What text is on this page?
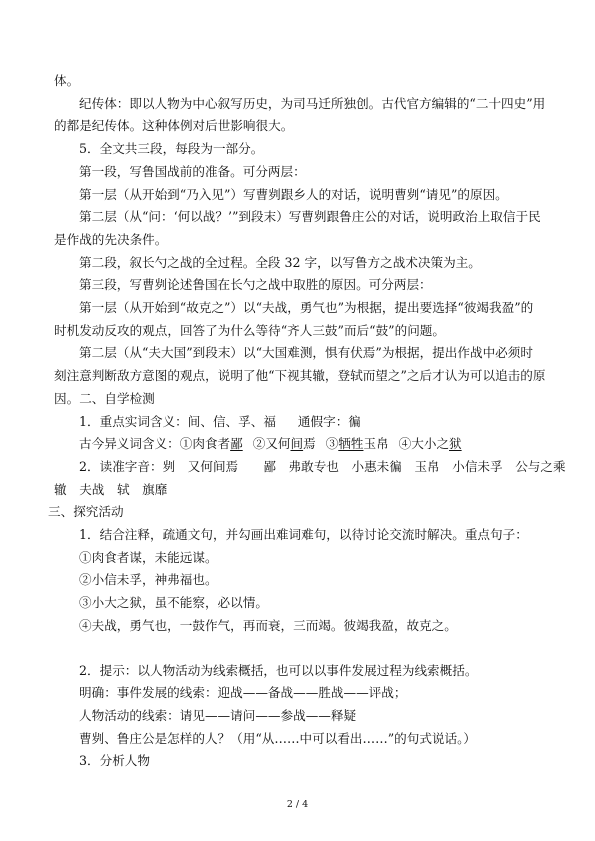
体。
纪传体：即以人物为中心叙写历史，为司马迁所独创。古代官方编辑的“二十四史”用
的都是纪传体。这种体例对后世影响很大。
5．全文共三段，每段为一部分。
第一段，写鲁国战前的准备。可分两层：
第一层（从开始到“乃入见”）写曹刿跟乡人的对话，说明曹刿“请见”的原因。
第二层（从“问：‘何以战？’”到段末）写曹刿跟鲁庄公的对话，说明政治上取信于民
是作战的先决条件。
第二段，叙长勺之战的全过程。全段 32 字，以写鲁方之战术决策为主。
第三段，写曹刿论述鲁国在长勺之战中取胜的原因。可分两层：
第一层（从开始到“故克之”）以“夫战，勇气也”为根据，提出要选择“彼竭我盈”的
时机发动反攻的观点，回答了为什么等待“齐人三鼓”而后“鼓”的问题。
第二层（从“夫大国”到段末）以“大国难测，惧有伏焉”为根据，提出作战中必须时
刻注意判断敌方意图的观点，说明了他“下视其辙，登轼而望之”之后才认为可以追击的原
因。二、自学检测
1．重点实词含义：间、信、孚、福 通假字：徧
古今异义词含义：①肉食者鄙 ②又何间焉 ③牺牲玉帛 ④大小之狱
2．读准字音：刿　又何间焉　　鄙　弗敢专也　小惠未徧　玉帛　小信未孚　公与之乘
辙　夫战　轼　旗靡
三、探究活动
1．结合注释，疏通文句，并勾画出难词难句，以待讨论交流时解决。重点句子：
①肉食者谋，未能远谋。
②小信未孚，神弗福也。
③小大之狱，虽不能察，必以情。
④夫战，勇气也，一鼓作气，再而衰，三而竭。彼竭我盈，故克之。
2．提示：以人物活动为线索概括，也可以以事件发展过程为线索概括。
明确：事件发展的线索：迎战——备战——胜战——评战；
人物活动的线索：请见——请问——参战——释疑
曹刿、鲁庄公是怎样的人？（用“从……中可以看出……”的句式说话。）
3．分析人物
2 / 4
